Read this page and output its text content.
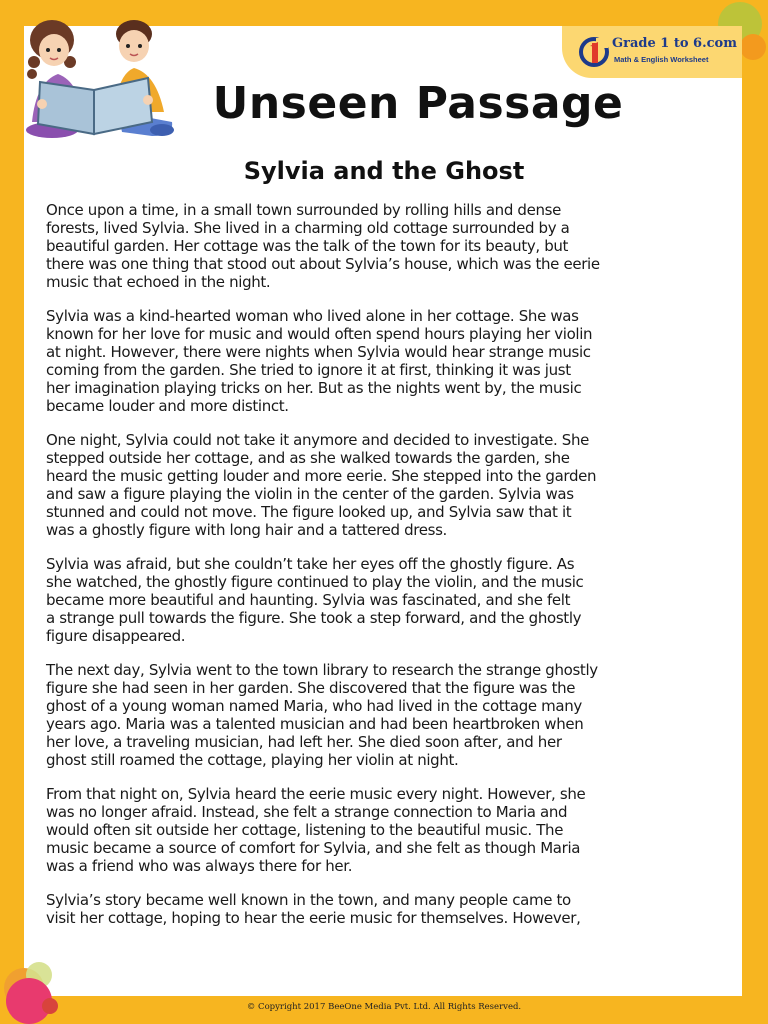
Grade 1 to 6.com
Math & English Worksheet
Unseen Passage
Sylvia and the Ghost

Once upon a time, in a small town surrounded by rolling hills and dense
forests, lived Sylvia. She lived in a charming old cottage surrounded by a
beautiful garden. Her cottage was the talk of the town for its beauty, but
there was one thing that stood out about Sylvia’s house, which was the eerie
music that echoed in the night.

Sylvia was a kind-hearted woman who lived alone in her cottage. She was
known for her love for music and would often spend hours playing her violin
at night. However, there were nights when Sylvia would hear strange music
coming from the garden. She tried to ignore it at first, thinking it was just
her imagination playing tricks on her. But as the nights went by, the music
became louder and more distinct.

One night, Sylvia could not take it anymore and decided to investigate. She
stepped outside her cottage, and as she walked towards the garden, she
heard the music getting louder and more eerie. She stepped into the garden
and saw a figure playing the violin in the center of the garden. Sylvia was
stunned and could not move. The figure looked up, and Sylvia saw that it
was a ghostly figure with long hair and a tattered dress.

Sylvia was afraid, but she couldn’t take her eyes off the ghostly figure. As
she watched, the ghostly figure continued to play the violin, and the music
became more beautiful and haunting. Sylvia was fascinated, and she felt
a strange pull towards the figure. She took a step forward, and the ghostly
figure disappeared.

The next day, Sylvia went to the town library to research the strange ghostly
figure she had seen in her garden. She discovered that the figure was the
ghost of a young woman named Maria, who had lived in the cottage many
years ago. Maria was a talented musician and had been heartbroken when
her love, a traveling musician, had left her. She died soon after, and her
ghost still roamed the cottage, playing her violin at night.

From that night on, Sylvia heard the eerie music every night. However, she
was no longer afraid. Instead, she felt a strange connection to Maria and
would often sit outside her cottage, listening to the beautiful music. The
music became a source of comfort for Sylvia, and she felt as though Maria
was a friend who was always there for her.

Sylvia’s story became well known in the town, and many people came to
visit her cottage, hoping to hear the eerie music for themselves. However,

© Copyright 2017 BeeOne Media Pvt. Ltd. All Rights Reserved.
